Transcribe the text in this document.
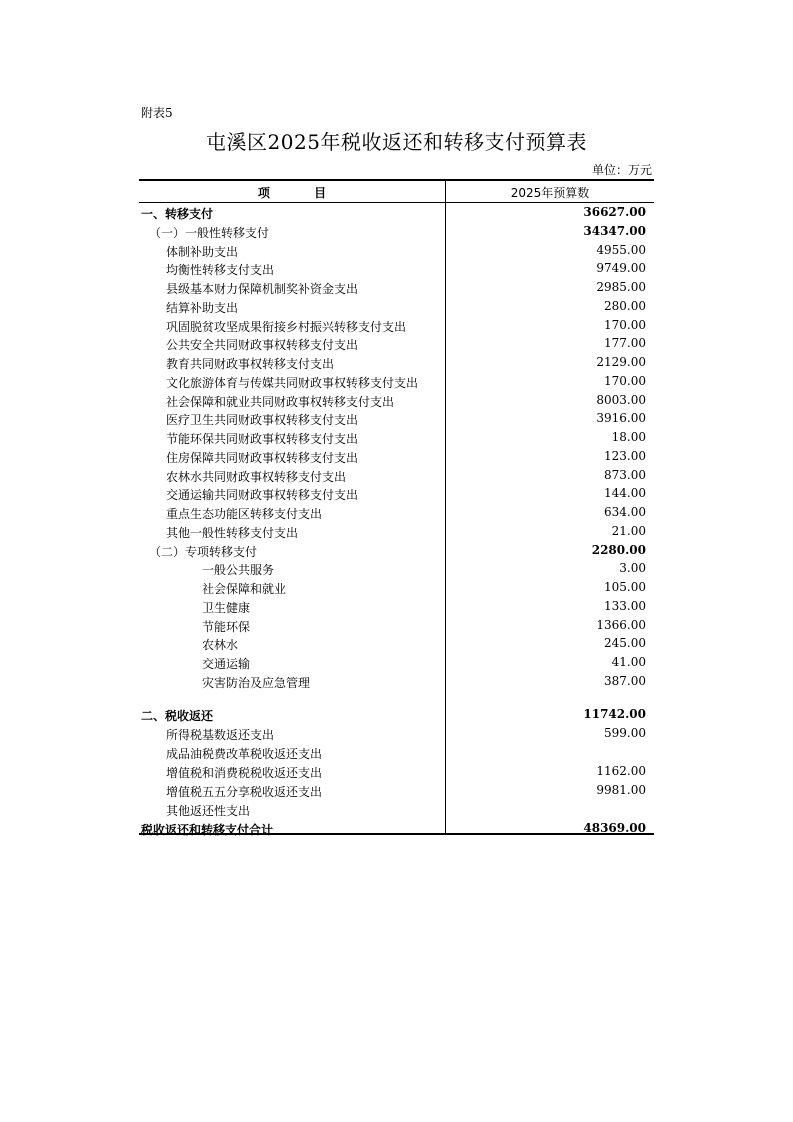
附表5
屯溪区2025年税收返还和转移支付预算表
单位：万元
项 目	2025年预算数
一、转移支付	36627.00
（一）一般性转移支付	34347.00
体制补助支出	4955.00
均衡性转移支付支出	9749.00
县级基本财力保障机制奖补资金支出	2985.00
结算补助支出	280.00
巩固脱贫攻坚成果衔接乡村振兴转移支付支出	170.00
公共安全共同财政事权转移支付支出	177.00
教育共同财政事权转移支付支出	2129.00
文化旅游体育与传媒共同财政事权转移支付支出	170.00
社会保障和就业共同财政事权转移支付支出	8003.00
医疗卫生共同财政事权转移支付支出	3916.00
节能环保共同财政事权转移支付支出	18.00
住房保障共同财政事权转移支付支出	123.00
农林水共同财政事权转移支付支出	873.00
交通运输共同财政事权转移支付支出	144.00
重点生态功能区转移支付支出	634.00
其他一般性转移支付支出	21.00
（二）专项转移支付	2280.00
一般公共服务	3.00
社会保障和就业	105.00
卫生健康	133.00
节能环保	1366.00
农林水	245.00
交通运输	41.00
灾害防治及应急管理	387.00
二、税收返还	11742.00
所得税基数返还支出	599.00
成品油税费改革税收返还支出
增值税和消费税税收返还支出	1162.00
增值税五五分享税收返还支出	9981.00
其他返还性支出
税收返还和转移支付合计	48369.00
